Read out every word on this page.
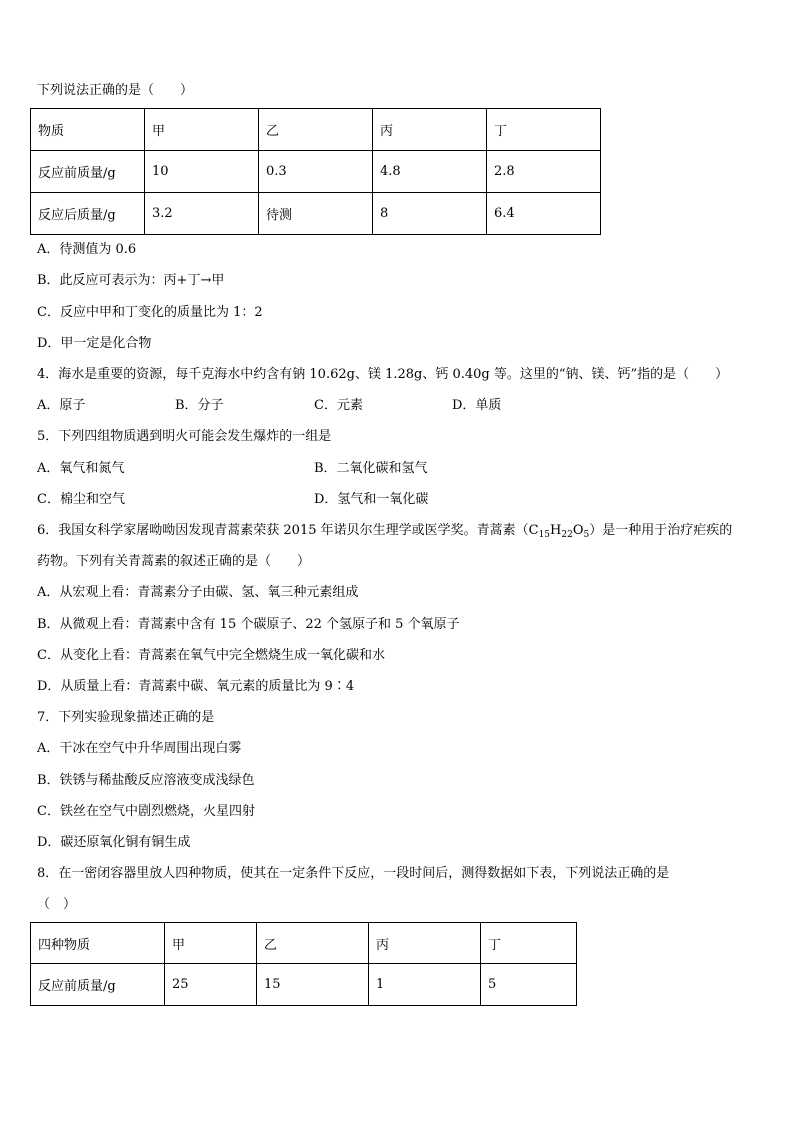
下列说法正确的是（　　）
物质	甲	乙	丙	丁
反应前质量/g	10	0.3	4.8	2.8
反应后质量/g	3.2	待测	8	6.4
A．待测值为 0.6
B．此反应可表示为：丙+丁→甲
C．反应中甲和丁变化的质量比为 1：2
D．甲一定是化合物
4．海水是重要的资源，每千克海水中约含有钠 10.62g、镁 1.28g、钙 0.40g 等。这里的“钠、镁、钙”指的是（　　）
A．原子	B．分子	C．元素	D．单质
5．下列四组物质遇到明火可能会发生爆炸的一组是
A．氧气和氮气	B．二氧化碳和氢气
C．棉尘和空气	D．氢气和一氧化碳
6．我国女科学家屠呦呦因发现青蒿素荣获 2015 年诺贝尔生理学或医学奖。青蒿素$(C_{15}H_{22}O_5)$是一种用于治疗疟疾的
药物。下列有关青蒿素的叙述正确的是（　　）
A．从宏观上看：青蒿素分子由碳、氢、氧三种元素组成
B．从微观上看：青蒿素中含有 15 个碳原子、22 个氢原子和 5 个氧原子
C．从变化上看：青蒿素在氧气中完全燃烧生成一氧化碳和水
D．从质量上看：青蒿素中碳、氧元素的质量比为 9∶4
7．下列实验现象描述正确的是
A．干冰在空气中升华周围出现白雾
B．铁锈与稀盐酸反应溶液变成浅绿色
C．铁丝在空气中剧烈燃烧，火星四射
D．碳还原氧化铜有铜生成
8．在一密闭容器里放人四种物质，使其在一定条件下反应，一段时间后，测得数据如下表，下列说法正确的是
（　）
四种物质	甲	乙	丙	丁
反应前质量/g	25	15	1	5
